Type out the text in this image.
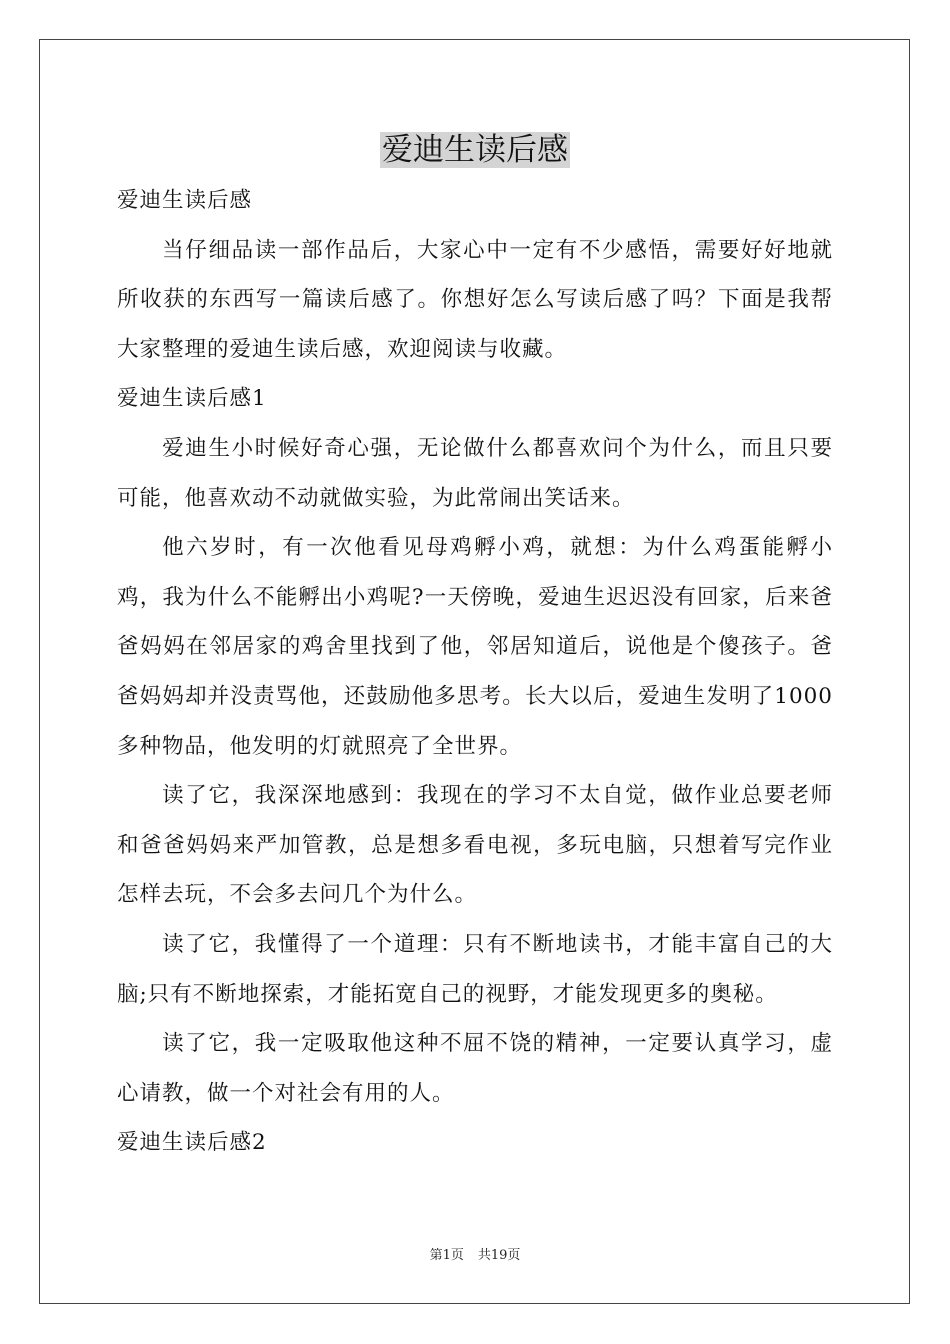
爱迪生读后感

爱迪生读后感

当仔细品读一部作品后，大家心中一定有不少感悟，需要好好地就所收获的东西写一篇读后感了。你想好怎么写读后感了吗？下面是我帮大家整理的爱迪生读后感，欢迎阅读与收藏。

爱迪生读后感1

爱迪生小时候好奇心强，无论做什么都喜欢问个为什么，而且只要可能，他喜欢动不动就做实验，为此常闹出笑话来。

他六岁时，有一次他看见母鸡孵小鸡，就想：为什么鸡蛋能孵小鸡，我为什么不能孵出小鸡呢?一天傍晚，爱迪生迟迟没有回家，后来爸爸妈妈在邻居家的鸡舍里找到了他，邻居知道后，说他是个傻孩子。爸爸妈妈却并没责骂他，还鼓励他多思考。长大以后，爱迪生发明了1000多种物品，他发明的灯就照亮了全世界。

读了它，我深深地感到：我现在的学习不太自觉，做作业总要老师和爸爸妈妈来严加管教，总是想多看电视，多玩电脑，只想着写完作业怎样去玩，不会多去问几个为什么。

读了它，我懂得了一个道理：只有不断地读书，才能丰富自己的大脑;只有不断地探索，才能拓宽自己的视野，才能发现更多的奥秘。

读了它，我一定吸取他这种不屈不饶的精神，一定要认真学习，虚心请教，做一个对社会有用的人。

爱迪生读后感2

第1页 共19页
